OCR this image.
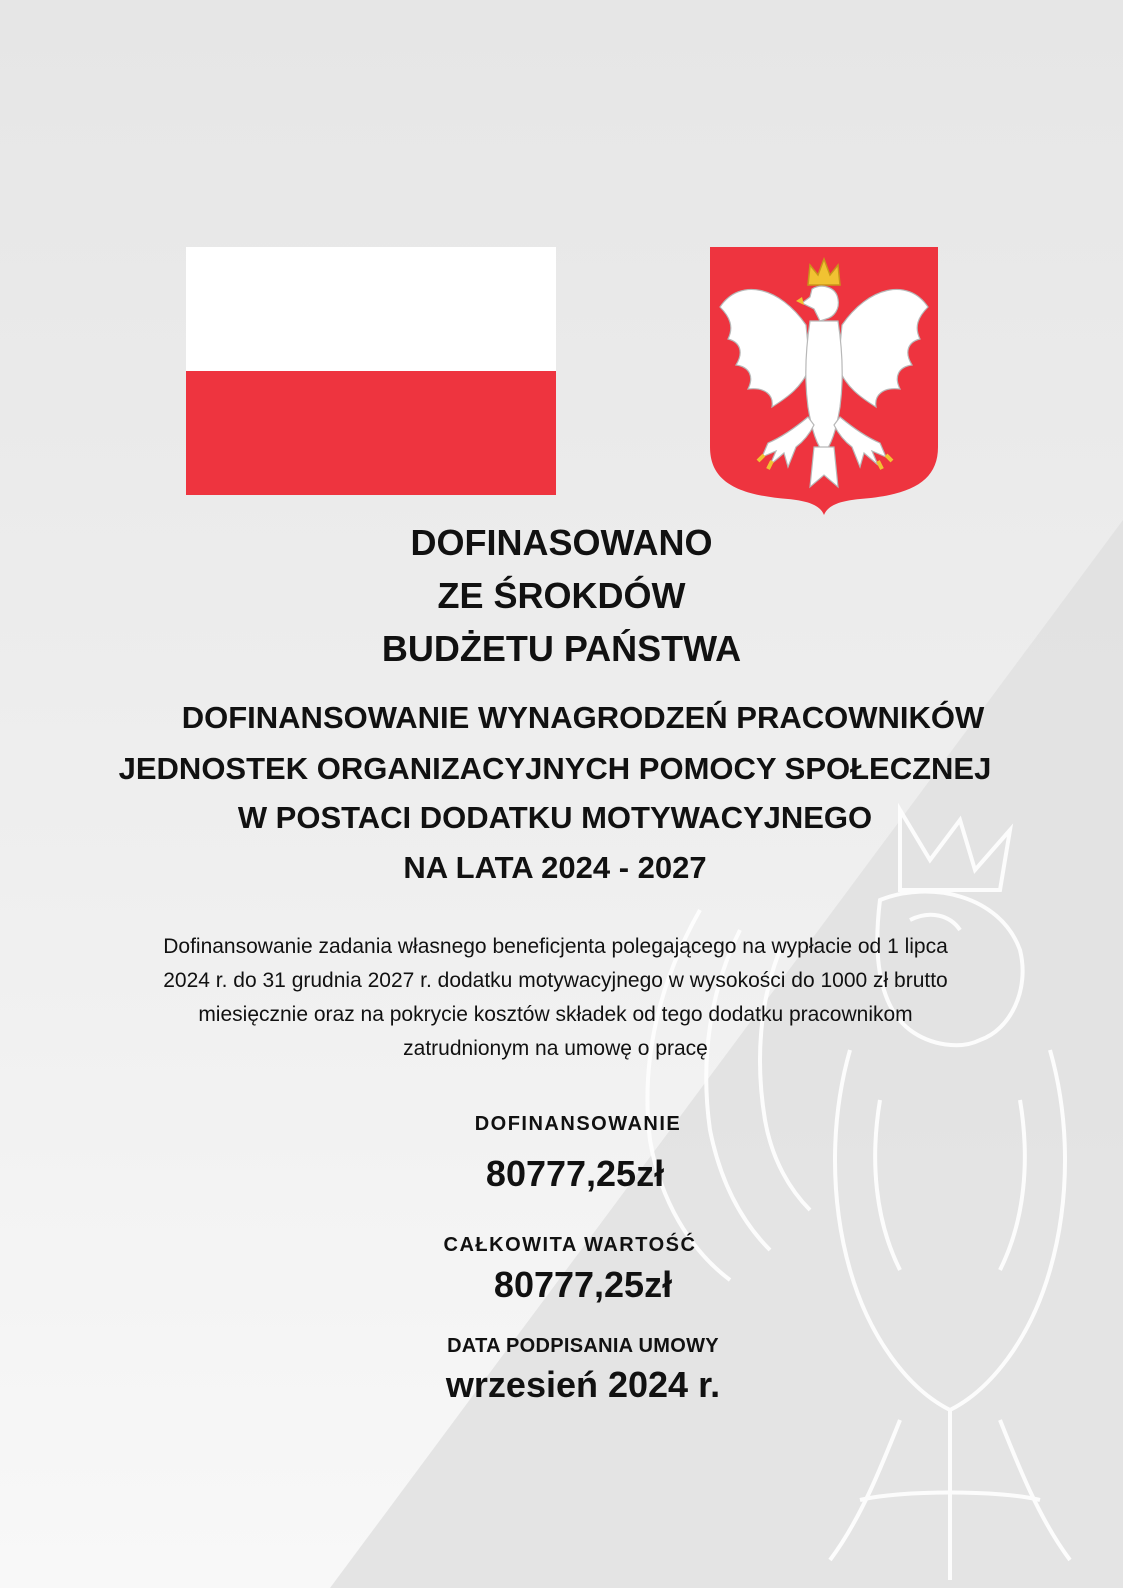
DOFINASOWANO
ZE ŚROKDÓW
BUDŻETU PAŃSTWA
DOFINANSOWANIE WYNAGRODZEŃ PRACOWNIKÓW
JEDNOSTEK ORGANIZACYJNYCH POMOCY SPOŁECZNEJ
W POSTACI DODATKU MOTYWACYJNEGO
NA LATA 2024 - 2027
Dofinansowanie zadania własnego beneficjenta polegającego na wypłacie od 1 lipca
2024 r. do 31 grudnia 2027 r. dodatku motywacyjnego w wysokości do 1000 zł brutto
miesięcznie oraz na pokrycie kosztów składek od tego dodatku pracownikom
zatrudnionym na umowę o pracę
DOFINANSOWANIE
80777,25zł
CAŁKOWITA WARTOŚĆ
80777,25zł
DATA PODPISANIA UMOWY
wrzesień 2024 r.
